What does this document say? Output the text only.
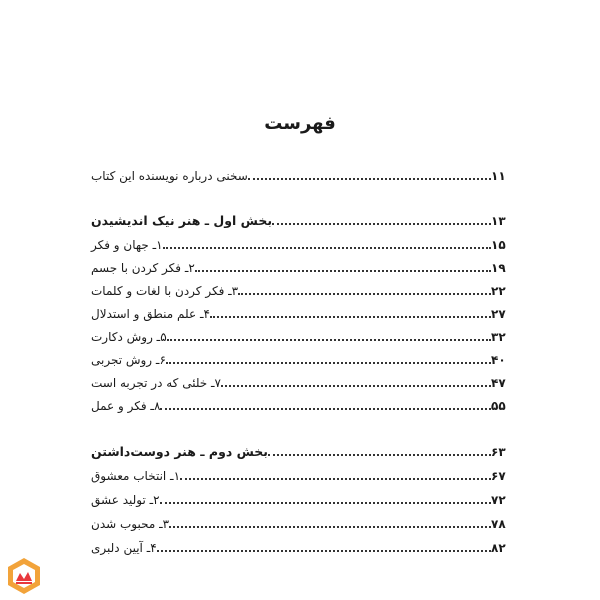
فهرست
سخنی درباره نویسنده این کتاب	۱۱
بخش اول ـ هنر نیک اندیشیدن	۱۳
۱ـ جهان و فکر	۱۵
۲ـ فکر کردن با جسم	۱۹
۳ـ فکر کردن با لغات و کلمات	۲۲
۴ـ علم منطق و استدلال	۲۷
۵ـ روش دکارت	۳۲
۶ـ روش تجربی	۴۰
۷ـ خلئی که در تجربه است	۴۷
۸ـ فکر و عمل	۵۵
بخش دوم ـ هنر دوست‌داشتن	۶۳
۱ـ انتخاب معشوق	۶۷
۲ـ تولید عشق	۷۲
۳ـ محبوب شدن	۷۸
۴ـ آیین دلبری	۸۲
